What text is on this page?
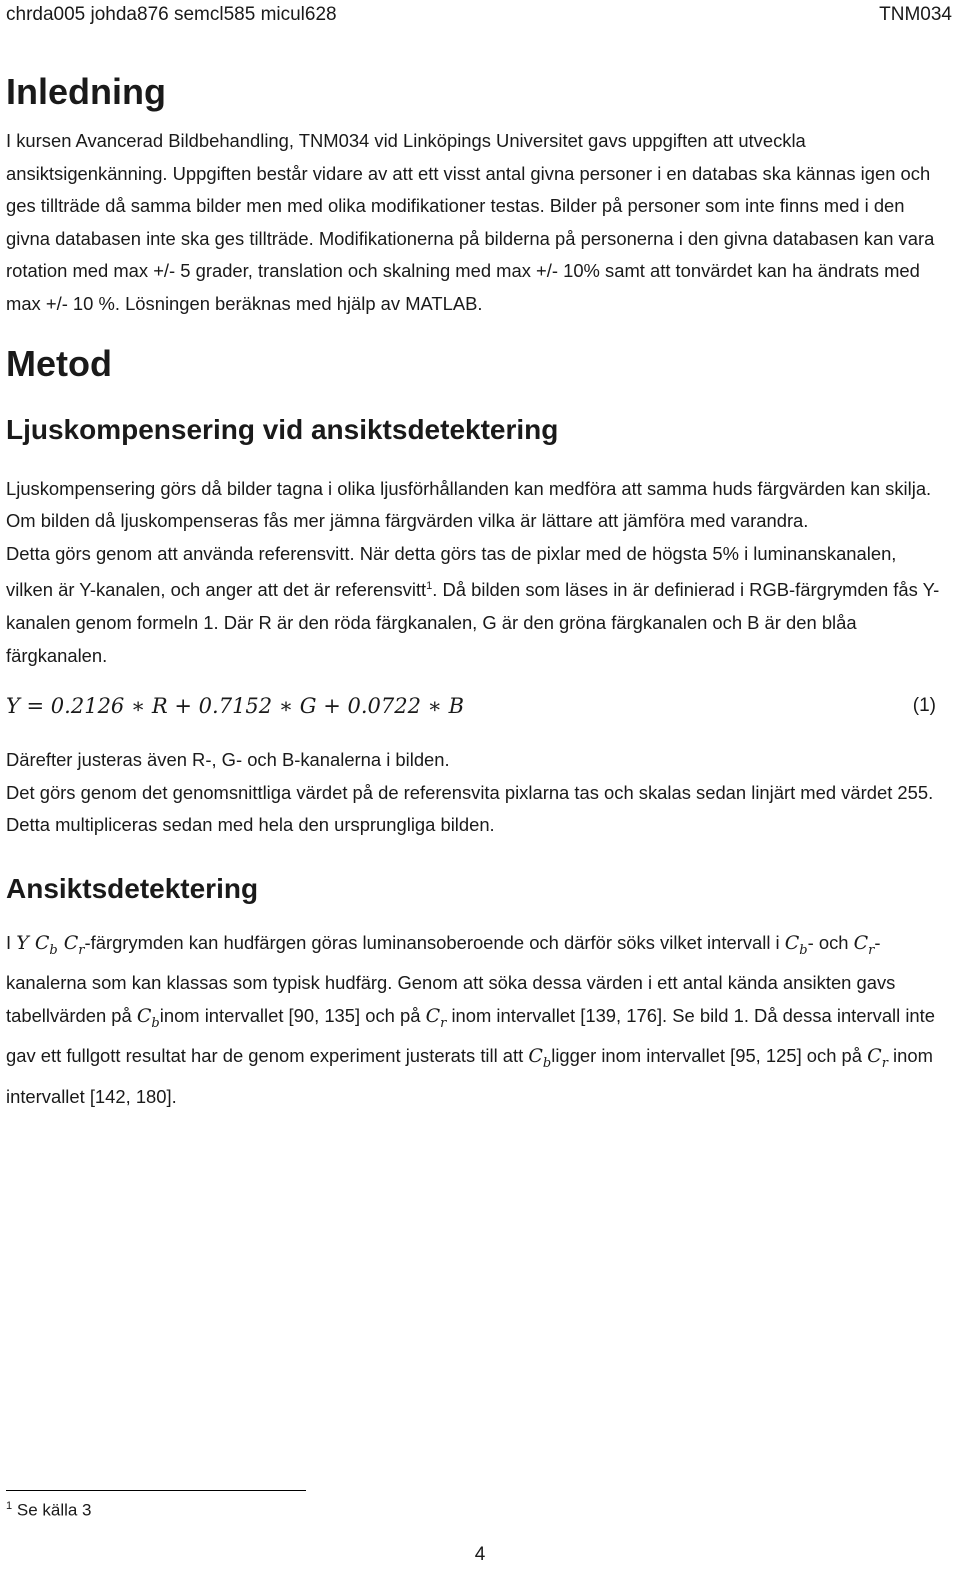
chrda005 johda876 semcl585 micul628	TNM034
Inledning

I kursen Avancerad Bildbehandling, TNM034 vid Linköpings Universitet gavs uppgiften att utveckla ansiktsigenkänning. Uppgiften består vidare av att ett visst antal givna personer i en databas ska kännas igen och ges tillträde då samma bilder men med olika modifikationer testas. Bilder på personer som inte finns med i den givna databasen inte ska ges tillträde. Modifikationerna på bilderna på personerna i den givna databasen kan vara rotation med max +/- 5 grader, translation och skalning med max +/- 10% samt att tonvärdet kan ha ändrats med max +/- 10 %. Lösningen beräknas med hjälp av MATLAB.

Metod
Ljuskompensering vid ansiktsdetektering

Ljuskompensering görs då bilder tagna i olika ljusförhållanden kan medföra att samma huds färgvärden kan skilja. Om bilden då ljuskompenseras fås mer jämna färgvärden vilka är lättare att jämföra med varandra.

Detta görs genom att använda referensvitt. När detta görs tas de pixlar med de högsta 5% i luminanskanalen, vilken är Y-kanalen, och anger att det är referensvitt$^1$. Då bilden som läses in är definierad i RGB-färgrymden fås Y-kanalen genom formeln 1. Där R är den röda färgkanalen, G är den gröna färgkanalen och B är den blåa färgkanalen.

Y = 0.2126 ∗ R + 0.7152 ∗ G + 0.0722 ∗ B	(1)

Därefter justeras även R-, G- och B-kanalerna i bilden.

Det görs genom det genomsnittliga värdet på de referensvita pixlarna tas och skalas sedan linjärt med värdet 255. Detta multipliceras sedan med hela den ursprungliga bilden.

Ansiktsdetektering

I Y $C_b$ $C_r$-färgrymden kan hudfärgen göras luminansoberoende och därför söks vilket intervall i $C_b-$ och $C_r$-kanalerna som kan klassas som typisk hudfärg. Genom att söka dessa värden i ett antal kända ansikten gavs tabellvärden på $C_binom$ intervallet [90, 135] och på $C_r$ inom intervallet [139, 176]. Se bild 1. Då dessa intervall inte gav ett fullgott resultat har de genom experiment justerats till att $C_bligger$ inom intervallet [95, 125] och på $C_r$ inom intervallet [142, 180].

$^1$ Se källa 3
4
